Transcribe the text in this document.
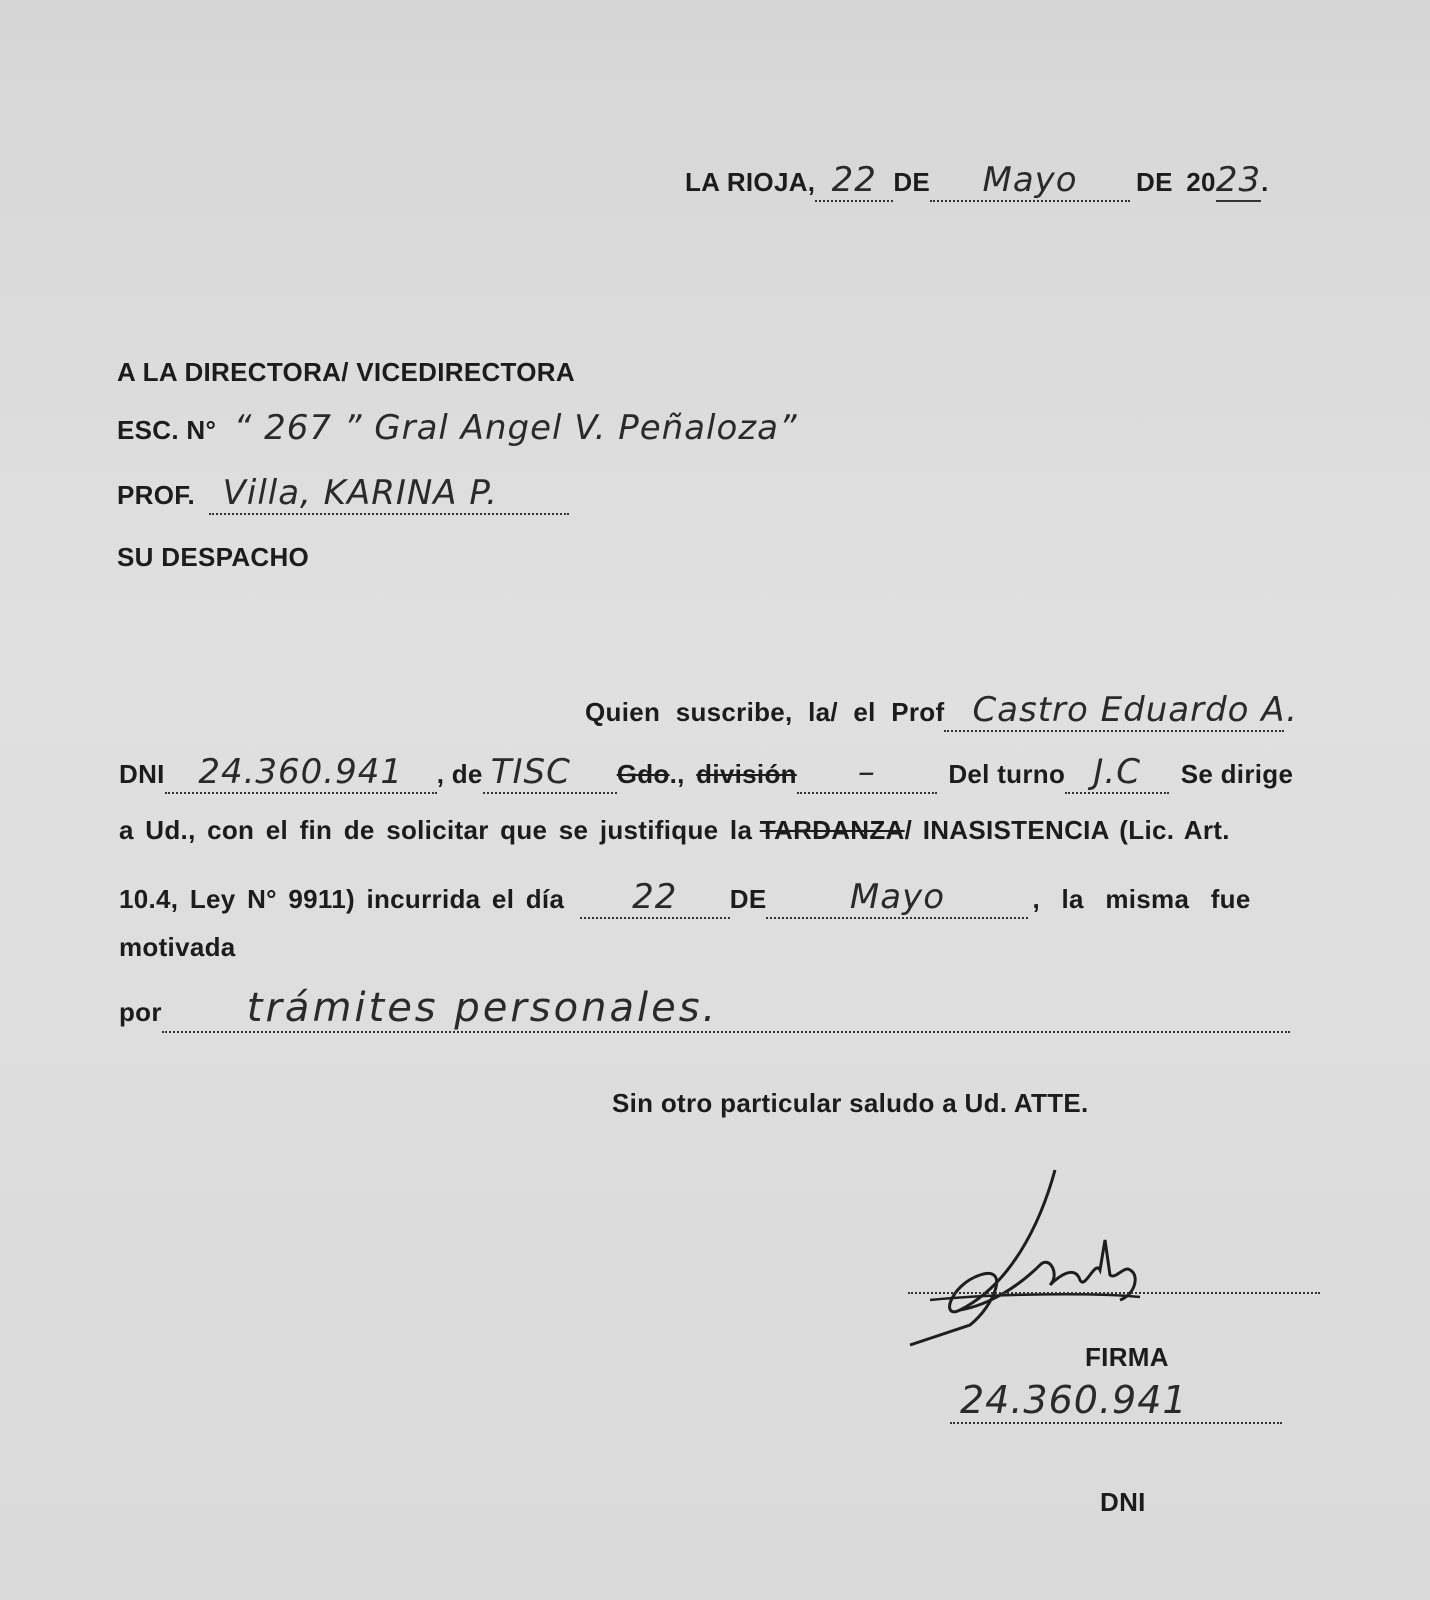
LA RIOJA, 22 DE Mayo DE 2023.
A LA DIRECTORA/ VICEDIRECTORA
ESC. N° “ 267 ” Gral Angel V. Peñaloza”
PROF. Villa, KARINA P.
SU DESPACHO
Quien suscribe, la/ el Prof Castro Eduardo A.
DNI 24.360.941 , de TISC Gdo., división –	Del turno J.C Se dirige
a Ud., con el fin de solicitar que se justifique la TARDANZA/ INASISTENCIA (Lic. Art.
10.4, Ley N° 9911) incurrida el día 22 DE Mayo	, la misma fue
motivada
por trámites personales.
Sin otro particular saludo a Ud. ATTE.
FIRMA
24.360.941
DNI
